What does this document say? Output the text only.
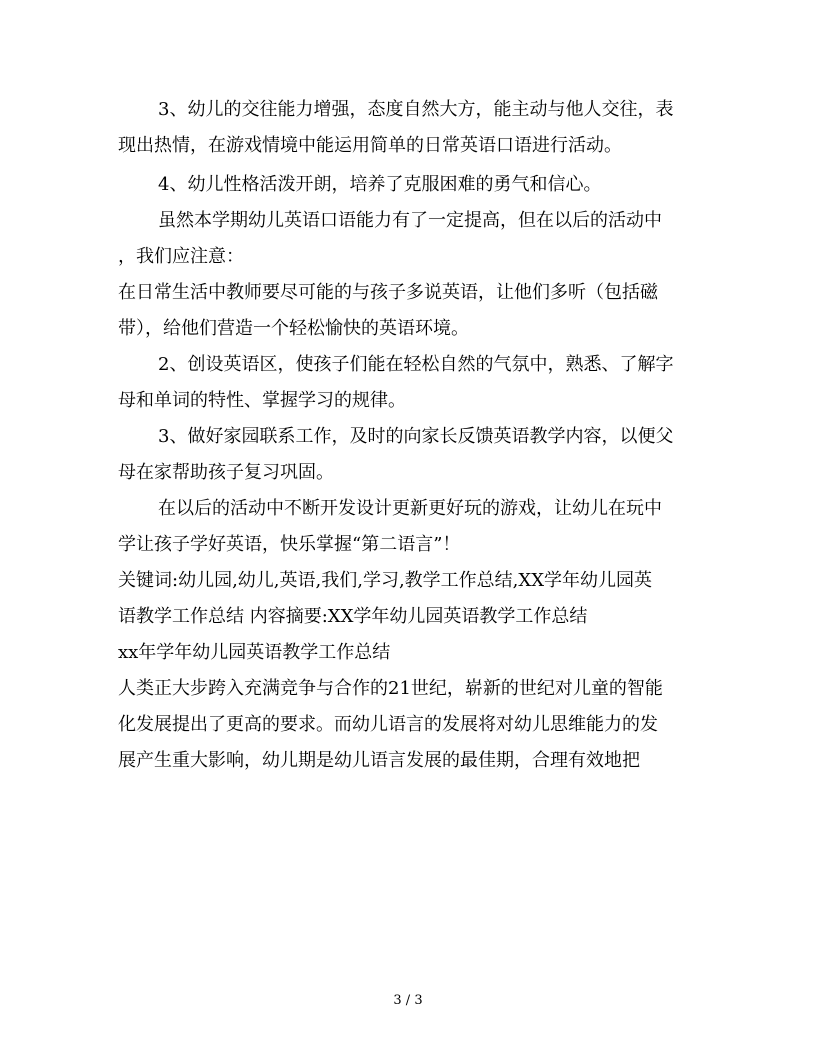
3、幼儿的交往能力增强，态度自然大方，能主动与他人交往，表
现出热情，在游戏情境中能运用简单的日常英语口语进行活动。
4、幼儿性格活泼开朗，培养了克服困难的勇气和信心。
虽然本学期幼儿英语口语能力有了一定提高，但在以后的活动中
，我们应注意：
在日常生活中教师要尽可能的与孩子多说英语，让他们多听（包括磁
带），给他们营造一个轻松愉快的英语环境。
2、创设英语区，使孩子们能在轻松自然的气氛中，熟悉、了解字
母和单词的特性、掌握学习的规律。
3、做好家园联系工作，及时的向家长反馈英语教学内容，以便父
母在家帮助孩子复习巩固。
在以后的活动中不断开发设计更新更好玩的游戏，让幼儿在玩中
学让孩子学好英语，快乐掌握“第二语言”！
关键词:幼儿园,幼儿,英语,我们,学习,教学工作总结,XX学年幼儿园英
语教学工作总结 内容摘要:XX学年幼儿园英语教学工作总结
xx年学年幼儿园英语教学工作总结
人类正大步跨入充满竞争与合作的21世纪，崭新的世纪对儿童的智能
化发展提出了更高的要求。而幼儿语言的发展将对幼儿思维能力的发
展产生重大影响，幼儿期是幼儿语言发展的最佳期，合理有效地把
3 / 3
